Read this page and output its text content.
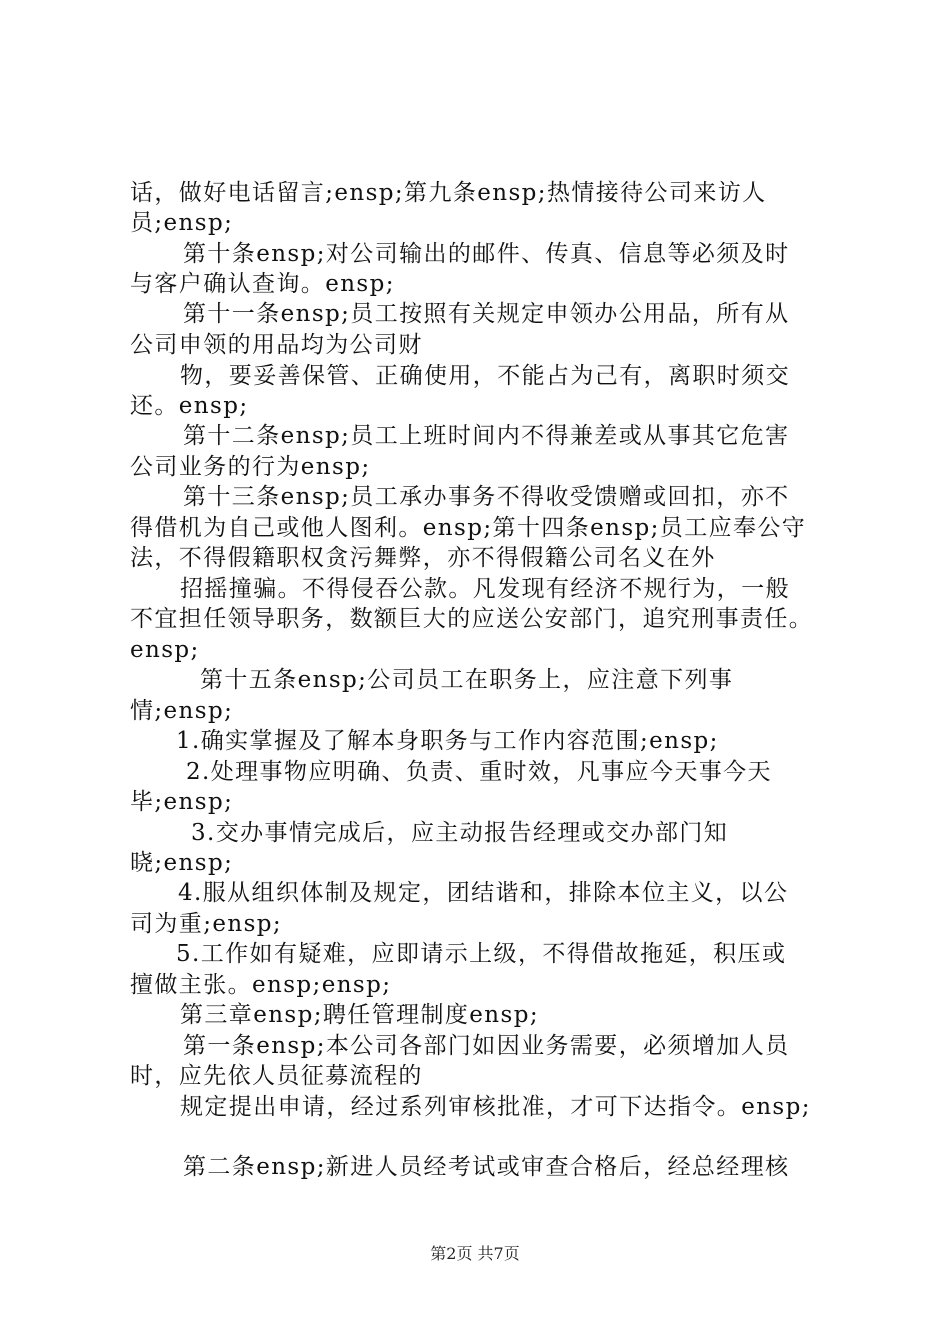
话，做好电话留言;ensp;第九条ensp;热情接待公司来访人
员;ensp;
第十条ensp;对公司输出的邮件、传真、信息等必须及时
与客户确认查询。ensp;
第十一条ensp;员工按照有关规定申领办公用品，所有从
公司申领的用品均为公司财
物，要妥善保管、正确使用，不能占为己有，离职时须交
还。ensp;
第十二条ensp;员工上班时间内不得兼差或从事其它危害
公司业务的行为ensp;
第十三条ensp;员工承办事务不得收受馈赠或回扣，亦不
得借机为自己或他人图利。ensp;第十四条ensp;员工应奉公守
法，不得假籍职权贪污舞弊，亦不得假籍公司名义在外
招摇撞骗。不得侵吞公款。凡发现有经济不规行为，一般
不宜担任领导职务，数额巨大的应送公安部门，追究刑事责任。
ensp;
第十五条ensp;公司员工在职务上，应注意下列事
情;ensp;
1.确实掌握及了解本身职务与工作内容范围;ensp;
2.处理事物应明确、负责、重时效，凡事应今天事今天
毕;ensp;
3.交办事情完成后，应主动报告经理或交办部门知
晓;ensp;
4.服从组织体制及规定，团结谐和，排除本位主义，以公
司为重;ensp;
5.工作如有疑难，应即请示上级，不得借故拖延，积压或
擅做主张。ensp;ensp;
第三章ensp;聘任管理制度ensp;
第一条ensp;本公司各部门如因业务需要，必须增加人员
时，应先依人员征募流程的
规定提出申请，经过系列审核批准，才可下达指令。ensp;
第二条ensp;新进人员经考试或审查合格后，经总经理核
第2页 共7页
